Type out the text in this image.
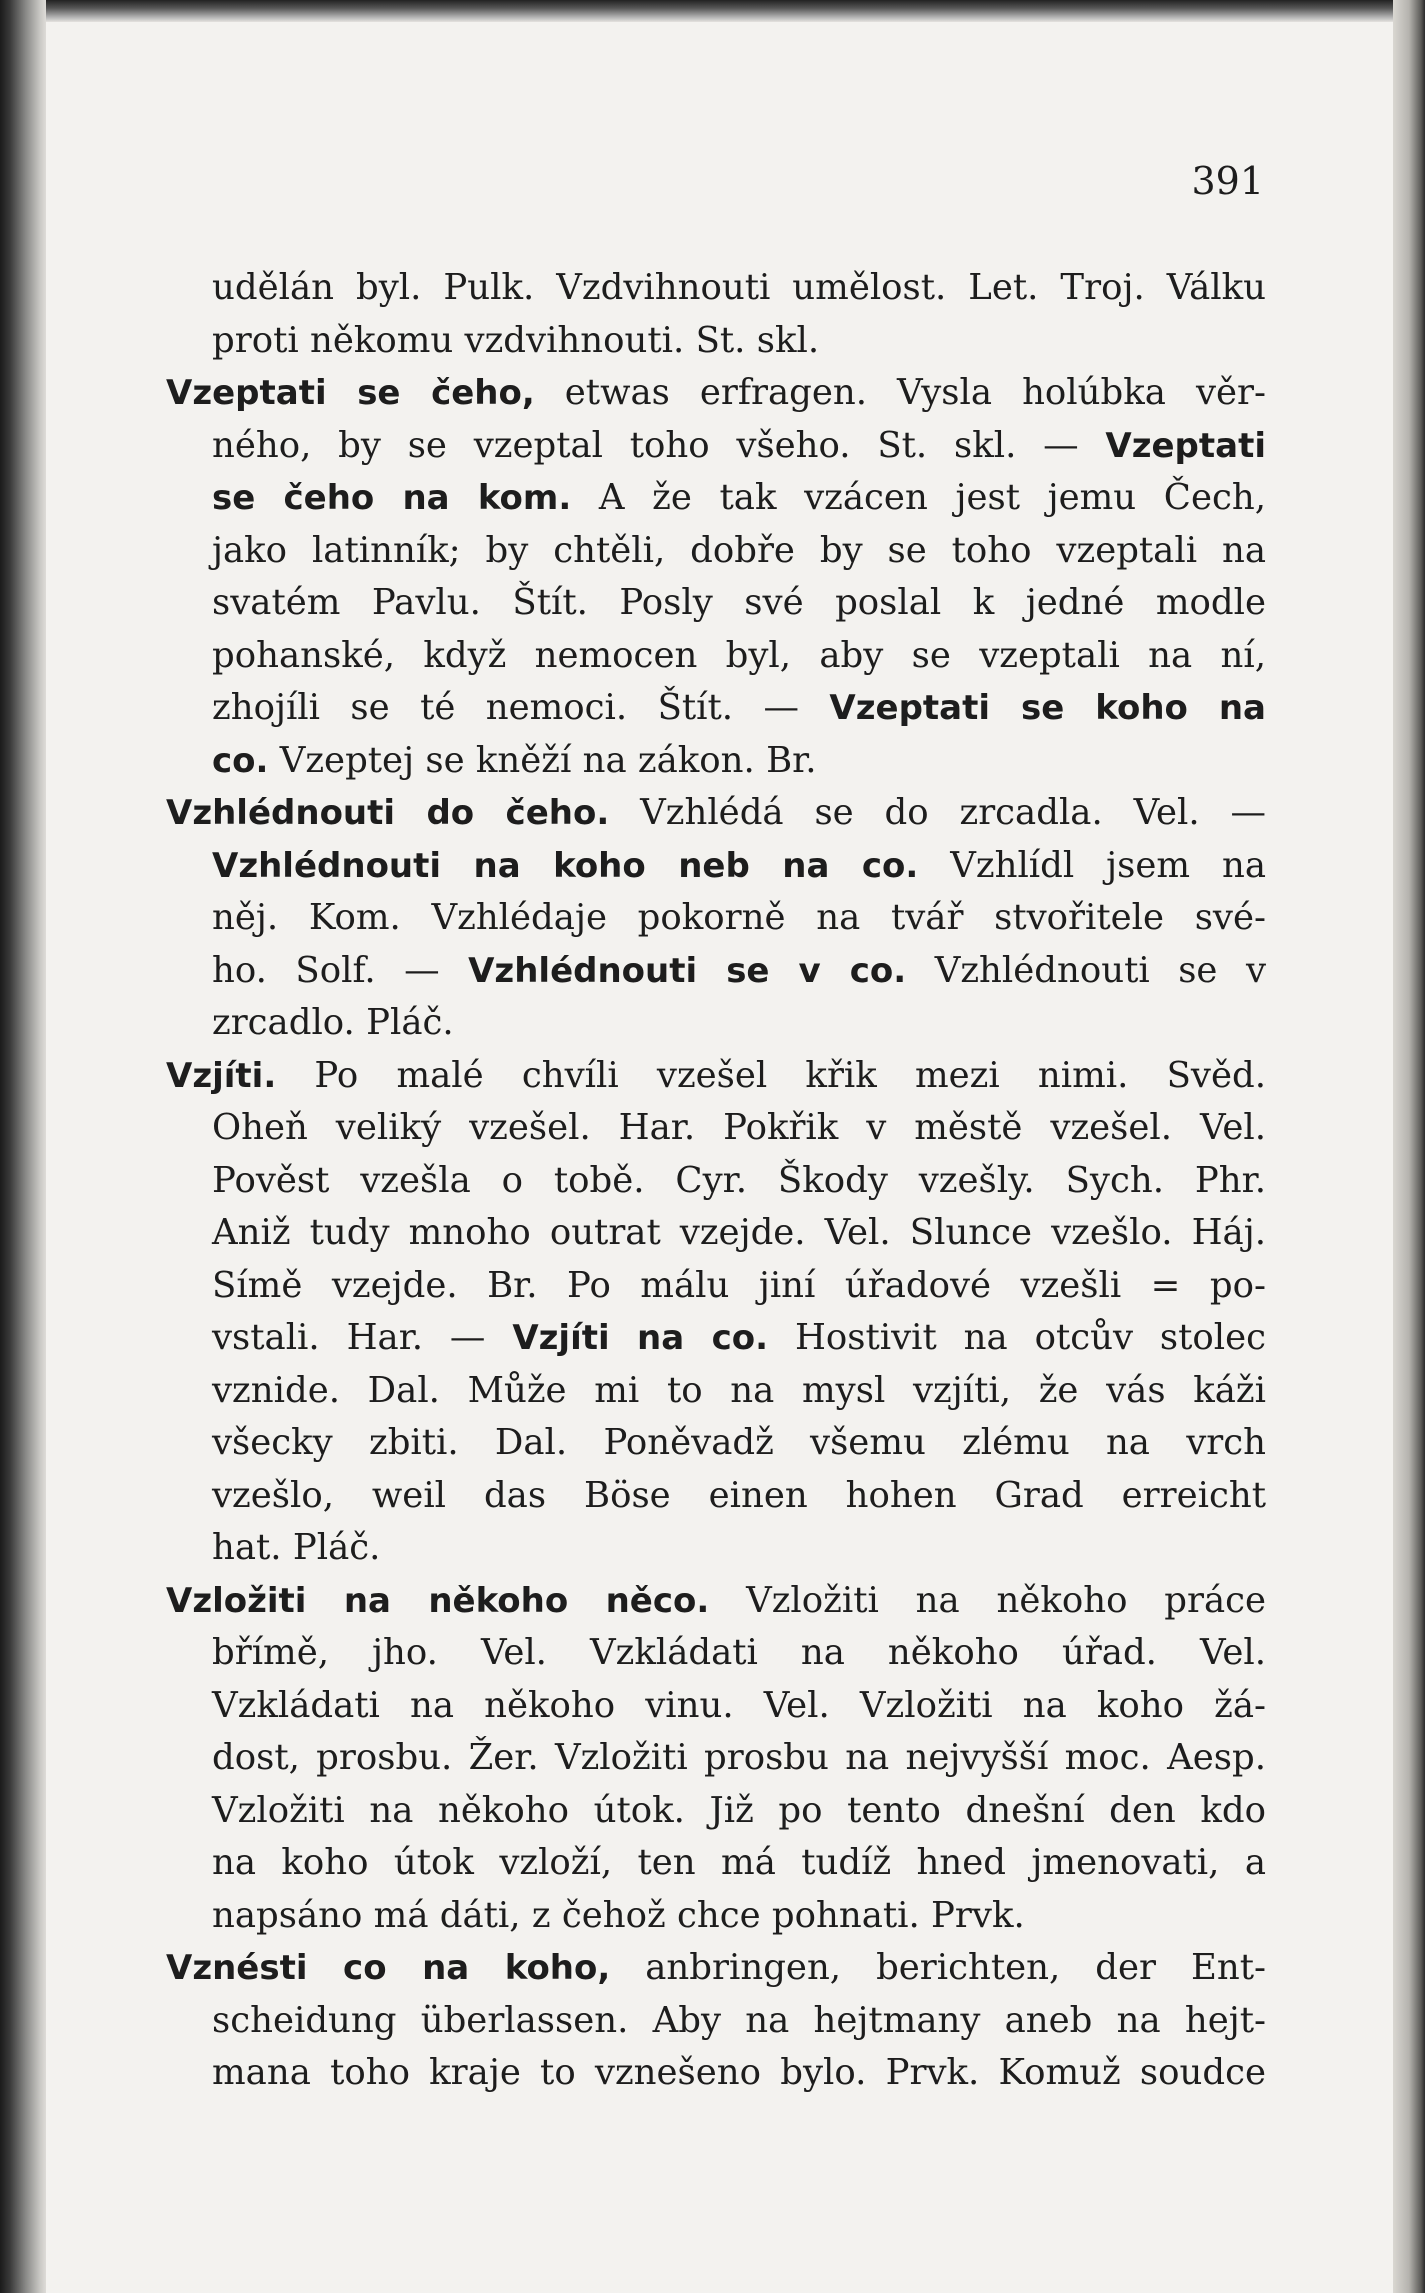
391
udělán byl. Pulk. Vzdvihnouti umělost. Let. Troj. Válku
proti někomu vzdvihnouti. St. skl.
Vzeptati se čeho, etwas erfragen. Vysla holúbka věr-
ného, by se vzeptal toho všeho. St. skl. — Vzeptati
se čeho na kom. A že tak vzácen jest jemu Čech,
jako latinník; by chtěli, dobře by se toho vzeptali na
svatém Pavlu. Štít. Posly své poslal k jedné modle
pohanské, když nemocen byl, aby se vzeptali na ní,
zhojíli se té nemoci. Štít. — Vzeptati se koho na
co. Vzeptej se kněží na zákon. Br.
Vzhlédnouti do čeho. Vzhlédá se do zrcadla. Vel. —
Vzhlédnouti na koho neb na co. Vzhlídl jsem na
něj. Kom. Vzhlédaje pokorně na tvář stvořitele své-
ho. Solf. — Vzhlédnouti se v co. Vzhlédnouti se v
zrcadlo. Pláč.
Vzjíti. Po malé chvíli vzešel křik mezi nimi. Svěd.
Oheň veliký vzešel. Har. Pokřik v městě vzešel. Vel.
Pověst vzešla o tobě. Cyr. Škody vzešly. Sych. Phr.
Aniž tudy mnoho outrat vzejde. Vel. Slunce vzešlo. Háj.
Símě vzejde. Br. Po málu jiní úřadové vzešli = po-
vstali. Har. — Vzjíti na co. Hostivit na otcův stolec
vznide. Dal. Může mi to na mysl vzjíti, že vás káži
všecky zbiti. Dal. Poněvadž všemu zlému na vrch
vzešlo, weil das Böse einen hohen Grad erreicht
hat. Pláč.
Vzložiti na někoho něco. Vzložiti na někoho práce
břímě, jho. Vel. Vzkládati na někoho úřad. Vel.
Vzkládati na někoho vinu. Vel. Vzložiti na koho žá-
dost, prosbu. Žer. Vzložiti prosbu na nejvyšší moc. Aesp.
Vzložiti na někoho útok. Již po tento dnešní den kdo
na koho útok vzloží, ten má tudíž hned jmenovati, a
napsáno má dáti, z čehož chce pohnati. Prvk.
Vznésti co na koho, anbringen, berichten, der Ent-
scheidung überlassen. Aby na hejtmany aneb na hejt-
mana toho kraje to vznešeno bylo. Prvk. Komuž soudce
